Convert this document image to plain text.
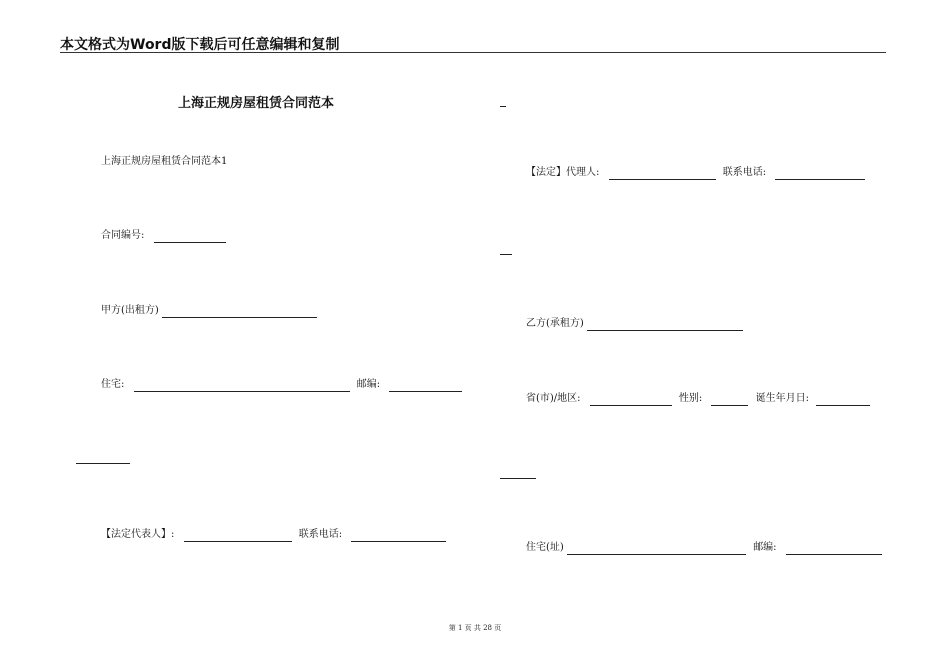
本文格式为Word版下载后可任意编辑和复制
上海正规房屋租赁合同范本
上海正规房屋租赁合同范本1
合同编号:
甲方(出租方)
住宅:	邮编:
【法定代表人】:	联系电话:
【法定】代理人:	联系电话:
乙方(承租方)
省(市)/地区:	性别:	诞生年月日:
住宅(址)	邮编:
第 1 页 共 28 页
